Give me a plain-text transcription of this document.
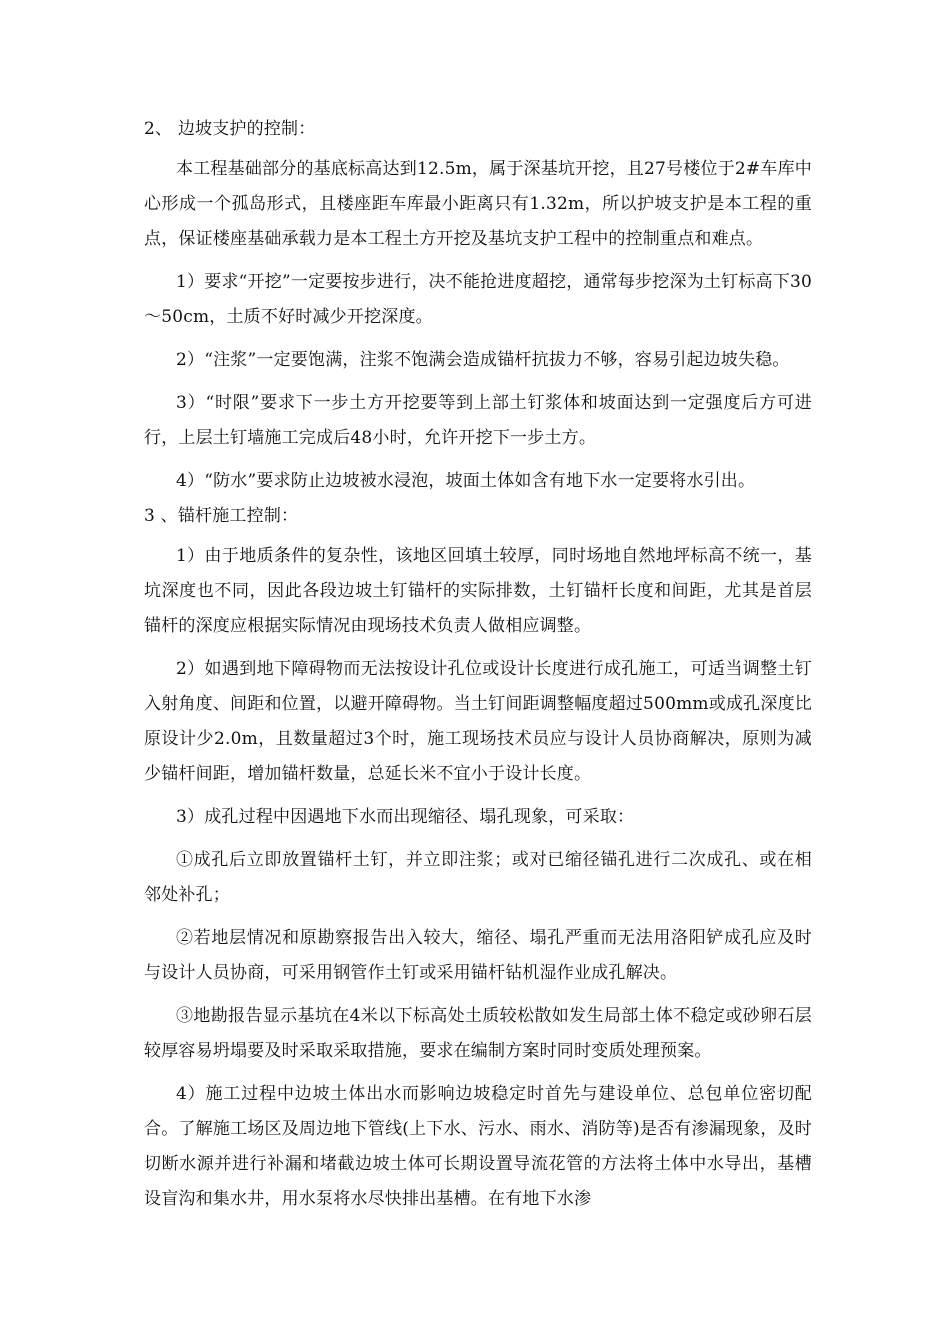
2、 边坡支护的控制：

本工程基础部分的基底标高达到12.5m，属于深基坑开挖，且27号楼位于2#车库中心形成一个孤岛形式，且楼座距车库最小距离只有1.32m，所以护坡支护是本工程的重点，保证楼座基础承载力是本工程土方开挖及基坑支护工程中的控制重点和难点。

1）要求“开挖”一定要按步进行，决不能抢进度超挖，通常每步挖深为土钉标高下30～50cm，土质不好时减少开挖深度。

2）“注浆”一定要饱满，注浆不饱满会造成锚杆抗拔力不够，容易引起边坡失稳。

3）“时限”要求下一步土方开挖要等到上部土钉浆体和坡面达到一定强度后方可进行，上层土钉墙施工完成后48小时，允许开挖下一步土方。

4）“防水”要求防止边坡被水浸泡，坡面土体如含有地下水一定要将水引出。

3 、锚杆施工控制：

1）由于地质条件的复杂性，该地区回填土较厚，同时场地自然地坪标高不统一，基坑深度也不同，因此各段边坡土钉锚杆的实际排数，土钉锚杆长度和间距，尤其是首层锚杆的深度应根据实际情况由现场技术负责人做相应调整。

2）如遇到地下障碍物而无法按设计孔位或设计长度进行成孔施工，可适当调整土钉入射角度、间距和位置，以避开障碍物。当土钉间距调整幅度超过500mm或成孔深度比原设计少2.0m，且数量超过3个时，施工现场技术员应与设计人员协商解决，原则为减少锚杆间距，增加锚杆数量，总延长米不宜小于设计长度。

3）成孔过程中因遇地下水而出现缩径、塌孔现象，可采取：

①成孔后立即放置锚杆土钉，并立即注浆；或对已缩径锚孔进行二次成孔、或在相邻处补孔；

②若地层情况和原勘察报告出入较大，缩径、塌孔严重而无法用洛阳铲成孔应及时与设计人员协商，可采用钢管作土钉或采用锚杆钻机湿作业成孔解决。

③地勘报告显示基坑在4米以下标高处土质较松散如发生局部土体不稳定或砂卵石层较厚容易坍塌要及时采取采取措施，要求在编制方案时同时变质处理预案。

4）施工过程中边坡土体出水而影响边坡稳定时首先与建设单位、总包单位密切配合。了解施工场区及周边地下管线(上下水、污水、雨水、消防等)是否有渗漏现象，及时切断水源并进行补漏和堵截边坡土体可长期设置导流花管的方法将土体中水导出，基槽设盲沟和集水井，用水泵将水尽快排出基槽。在有地下水渗
